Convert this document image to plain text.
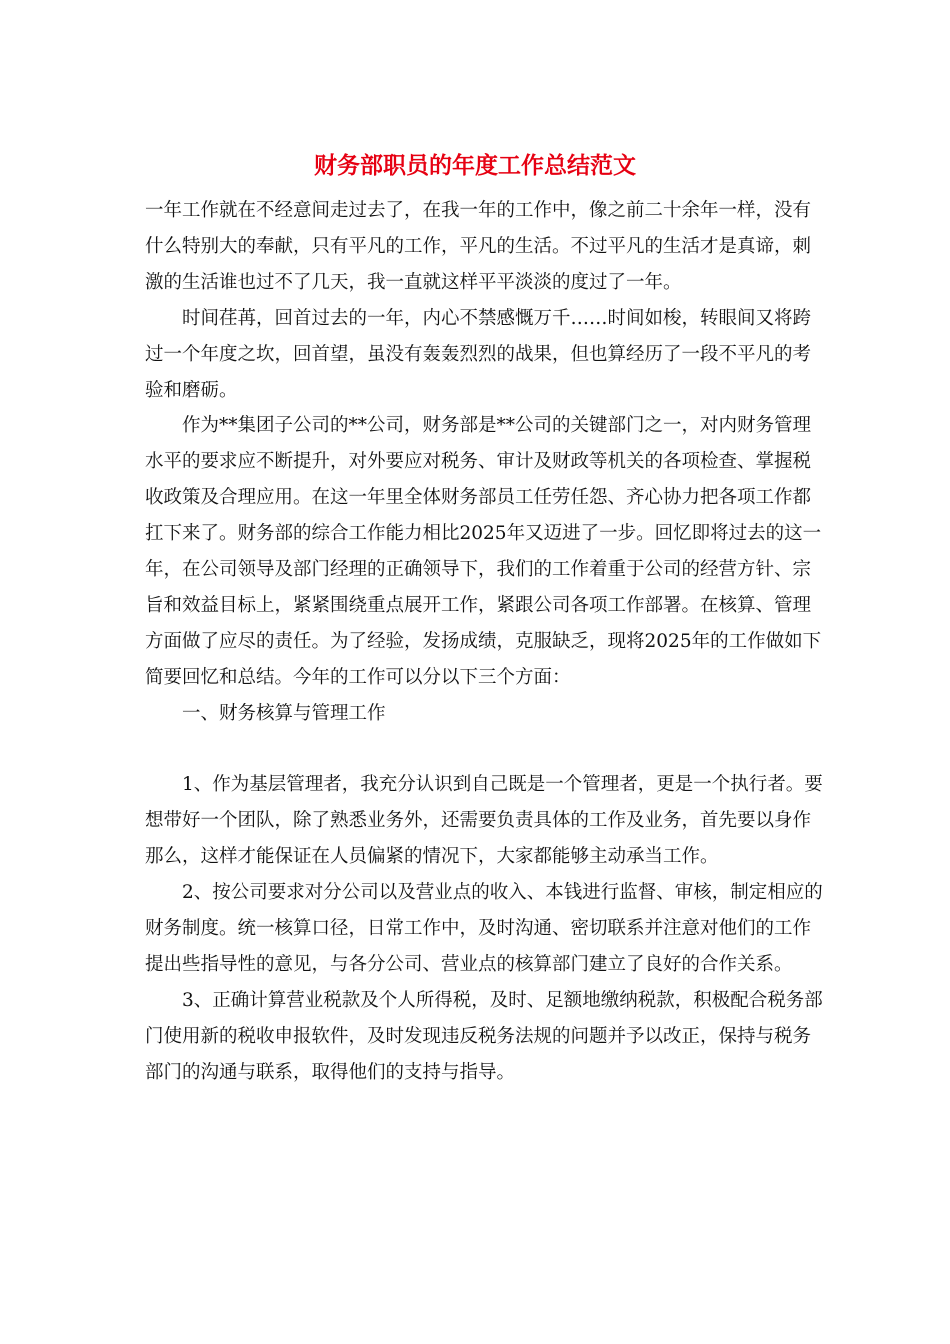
财务部职员的年度工作总结范文

一年工作就在不经意间走过去了，在我一年的工作中，像之前二十余年一样，没有什么特别大的奉献，只有平凡的工作，平凡的生活。不过平凡的生活才是真谛，刺激的生活谁也过不了几天，我一直就这样平平淡淡的度过了一年。

时间荏苒，回首过去的一年，内心不禁感慨万千……时间如梭，转眼间又将跨过一个年度之坎，回首望，虽没有轰轰烈烈的战果，但也算经历了一段不平凡的考验和磨砺。

作为**集团子公司的**公司，财务部是**公司的关键部门之一，对内财务管理水平的要求应不断提升，对外要应对税务、审计及财政等机关的各项检查、掌握税收政策及合理应用。在这一年里全体财务部员工任劳任怨、齐心协力把各项工作都扛下来了。财务部的综合工作能力相比2025年又迈进了一步。回忆即将过去的这一年，在公司领导及部门经理的正确领导下，我们的工作着重于公司的经营方针、宗旨和效益目标上，紧紧围绕重点展开工作，紧跟公司各项工作部署。在核算、管理方面做了应尽的责任。为了经验，发扬成绩，克服缺乏，现将2025年的工作做如下简要回忆和总结。今年的工作可以分以下三个方面：

一、财务核算与管理工作

1、作为基层管理者，我充分认识到自己既是一个管理者，更是一个执行者。要想带好一个团队，除了熟悉业务外，还需要负责具体的工作及业务，首先要以身作那么，这样才能保证在人员偏紧的情况下，大家都能够主动承当工作。

2、按公司要求对分公司以及营业点的收入、本钱进行监督、审核，制定相应的财务制度。统一核算口径，日常工作中，及时沟通、密切联系并注意对他们的工作提出些指导性的意见，与各分公司、营业点的核算部门建立了良好的合作关系。

3、正确计算营业税款及个人所得税，及时、足额地缴纳税款，积极配合税务部门使用新的税收申报软件，及时发现违反税务法规的问题并予以改正，保持与税务部门的沟通与联系，取得他们的支持与指导。
